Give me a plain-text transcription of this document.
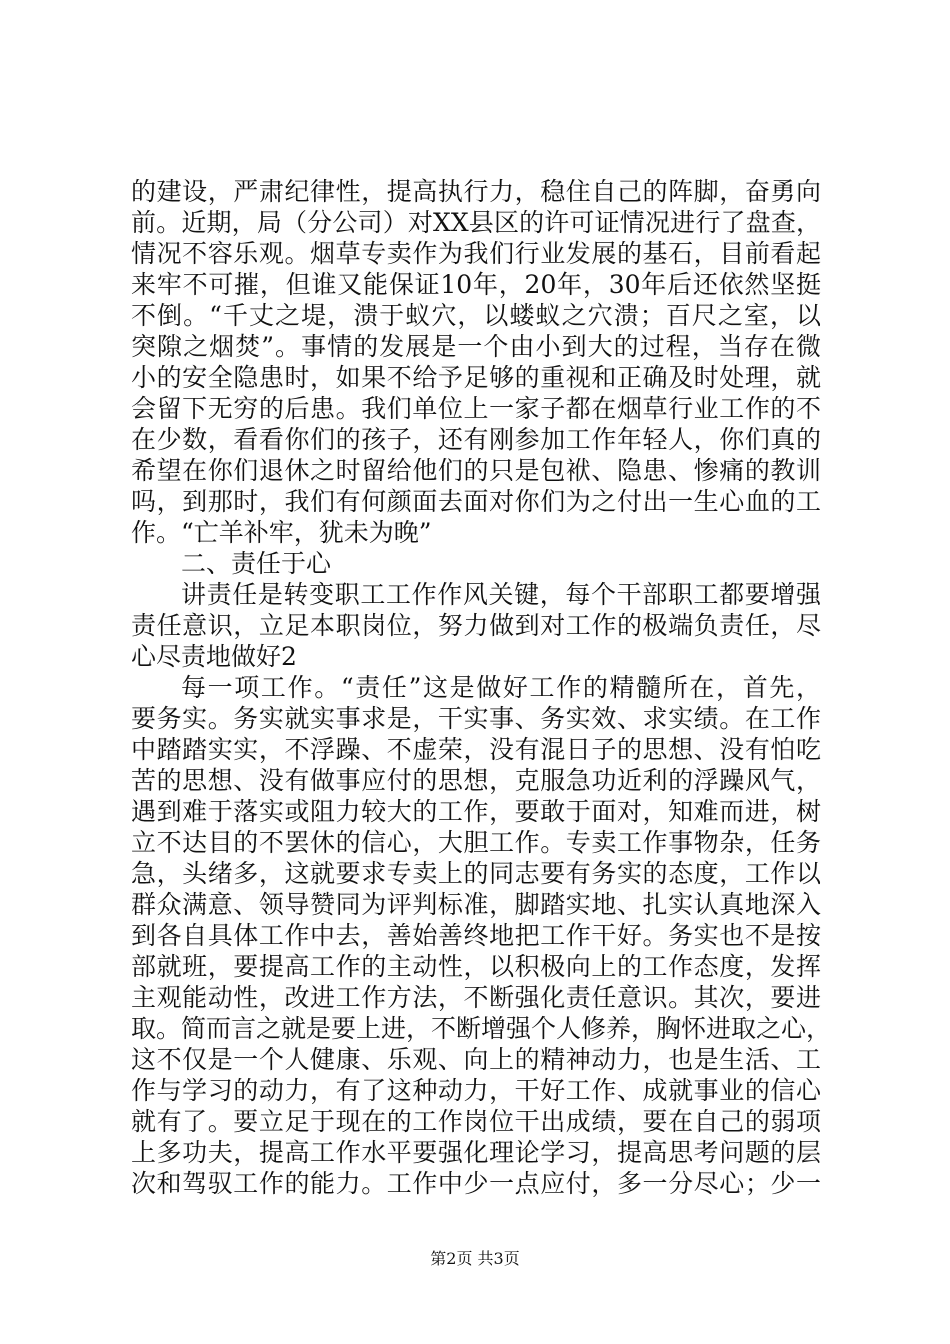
的建设，严肃纪律性，提高执行力，稳住自己的阵脚，奋勇向
前。近期，局（分公司）对XX县区的许可证情况进行了盘查，
情况不容乐观。烟草专卖作为我们行业发展的基石，目前看起
来牢不可摧，但谁又能保证10年，20年，30年后还依然坚挺
不倒。“千丈之堤，溃于蚁穴，以蝼蚁之穴溃；百尺之室，以
突隙之烟焚”。事情的发展是一个由小到大的过程，当存在微
小的安全隐患时，如果不给予足够的重视和正确及时处理，就
会留下无穷的后患。我们单位上一家子都在烟草行业工作的不
在少数，看看你们的孩子，还有刚参加工作年轻人，你们真的
希望在你们退休之时留给他们的只是包袱、隐患、惨痛的教训
吗，到那时，我们有何颜面去面对你们为之付出一生心血的工
作。“亡羊补牢，犹未为晚”
二、责任于心
讲责任是转变职工工作作风关键，每个干部职工都要增强
责任意识，立足本职岗位，努力做到对工作的极端负责任，尽
心尽责地做好2
每一项工作。“责任”这是做好工作的精髓所在，首先，
要务实。务实就实事求是，干实事、务实效、求实绩。在工作
中踏踏实实，不浮躁、不虚荣，没有混日子的思想、没有怕吃
苦的思想、没有做事应付的思想，克服急功近利的浮躁风气，
遇到难于落实或阻力较大的工作，要敢于面对，知难而进，树
立不达目的不罢休的信心，大胆工作。专卖工作事物杂，任务
急，头绪多，这就要求专卖上的同志要有务实的态度，工作以
群众满意、领导赞同为评判标准，脚踏实地、扎实认真地深入
到各自具体工作中去，善始善终地把工作干好。务实也不是按
部就班，要提高工作的主动性，以积极向上的工作态度，发挥
主观能动性，改进工作方法，不断强化责任意识。其次，要进
取。简而言之就是要上进，不断增强个人修养，胸怀进取之心，
这不仅是一个人健康、乐观、向上的精神动力，也是生活、工
作与学习的动力，有了这种动力，干好工作、成就事业的信心
就有了。要立足于现在的工作岗位干出成绩，要在自己的弱项
上多功夫，提高工作水平要强化理论学习，提高思考问题的层
次和驾驭工作的能力。工作中少一点应付，多一分尽心；少一
第2页 共3页
